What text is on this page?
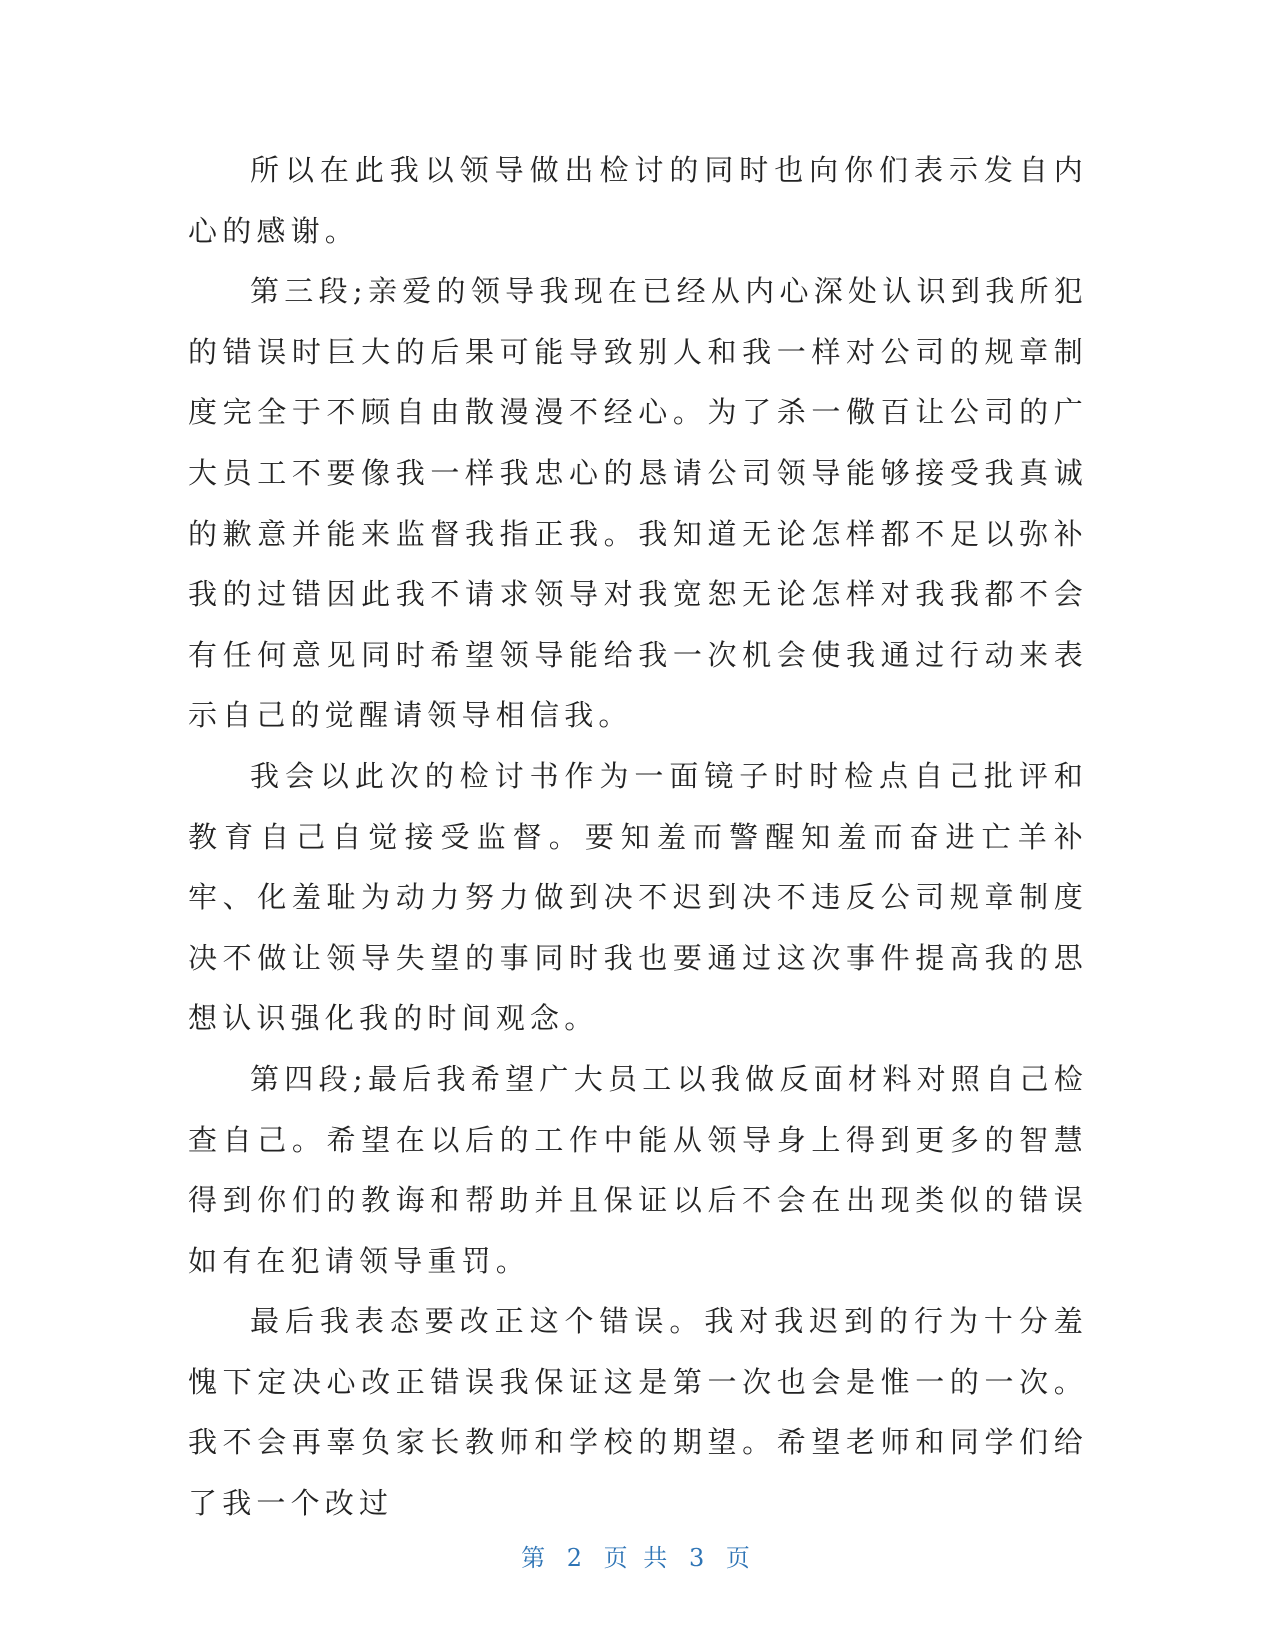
所以在此我以领导做出检讨的同时也向你们表示发自内心的感谢。

第三段;亲爱的领导我现在已经从内心深处认识到我所犯的错误时巨大的后果可能导致别人和我一样对公司的规章制度完全于不顾自由散漫漫不经心。为了杀一儆百让公司的广大员工不要像我一样我忠心的恳请公司领导能够接受我真诚的歉意并能来监督我指正我。我知道无论怎样都不足以弥补我的过错因此我不请求领导对我宽恕无论怎样对我我都不会有任何意见同时希望领导能给我一次机会使我通过行动来表示自己的觉醒请领导相信我。

我会以此次的检讨书作为一面镜子时时检点自己批评和教育自己自觉接受监督。要知羞而警醒知羞而奋进亡羊补牢、化羞耻为动力努力做到决不迟到决不违反公司规章制度决不做让领导失望的事同时我也要通过这次事件提高我的思想认识强化我的时间观念。

第四段;最后我希望广大员工以我做反面材料对照自己检查自己。希望在以后的工作中能从领导身上得到更多的智慧得到你们的教诲和帮助并且保证以后不会在出现类似的错误如有在犯请领导重罚。

最后我表态要改正这个错误。我对我迟到的行为十分羞愧下定决心改正错误我保证这是第一次也会是惟一的一次。我不会再辜负家长教师和学校的期望。希望老师和同学们给了我一个改过

第 2 页 共 3 页
